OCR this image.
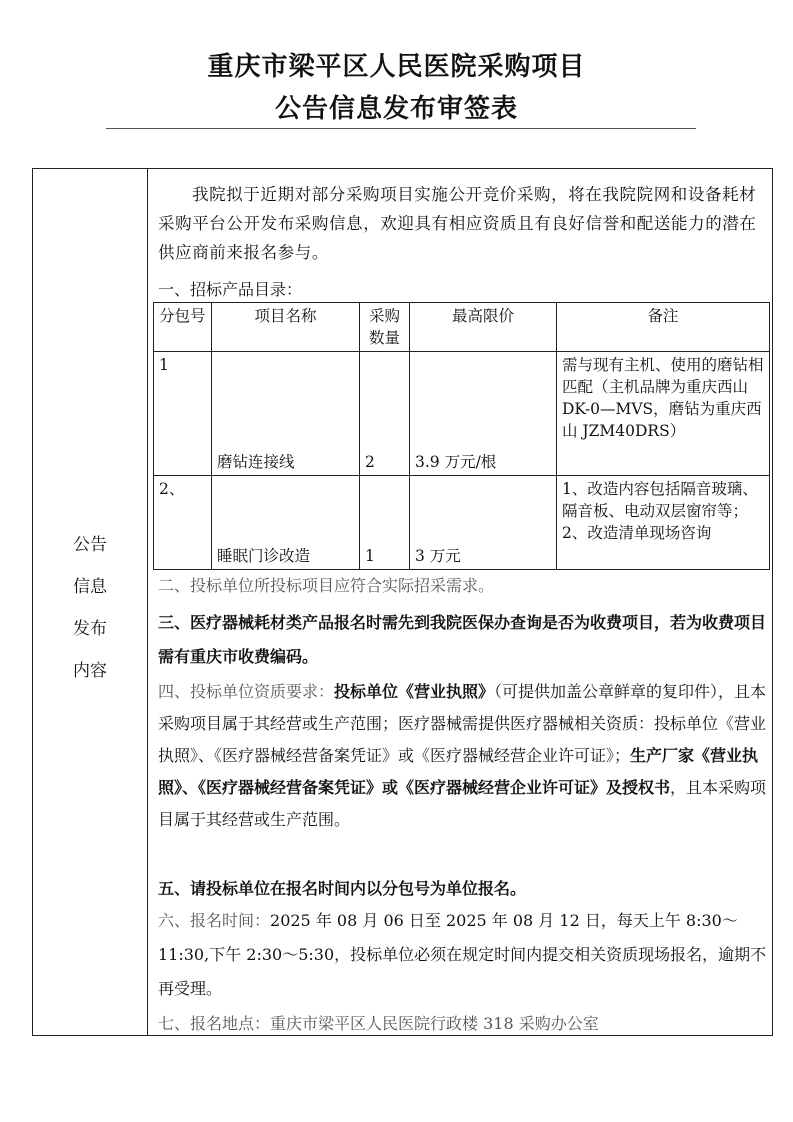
重庆市梁平区人民医院采购项目
公告信息发布审签表
公告
信息
发布
内容
我院拟于近期对部分采购项目实施公开竞价采购，将在我院院网和设备耗材采购平台公开发布采购信息，欢迎具有相应资质且有良好信誉和配送能力的潜在供应商前来报名参与。
一、招标产品目录：
分包号	项目名称	采购数量	最高限价	备注
1	磨钻连接线	2	3.9 万元/根	需与现有主机、使用的磨钻相匹配（主机品牌为重庆西山 DK-0—MVS，磨钻为重庆西山 JZM40DRS）
2、	睡眠门诊改造	1	3 万元	1、改造内容包括隔音玻璃、隔音板、电动双层窗帘等；2、改造清单现场咨询
二、投标单位所投标项目应符合实际招采需求。
三、医疗器械耗材类产品报名时需先到我院医保办查询是否为收费项目，若为收费项目需有重庆市收费编码。
四、投标单位资质要求：投标单位《营业执照》（可提供加盖公章鲜章的复印件），且本采购项目属于其经营或生产范围；医疗器械需提供医疗器械相关资质：投标单位《营业执照》、《医疗器械经营备案凭证》或《医疗器械经营企业许可证》；生产厂家《营业执照》、《医疗器械经营备案凭证》或《医疗器械经营企业许可证》及授权书，且本采购项目属于其经营或生产范围。
五、请投标单位在报名时间内以分包号为单位报名。
六、报名时间：2025 年 08 月 06 日至 2025 年 08 月 12 日，每天上午 8:30～11:30,下午 2:30～5:30，投标单位必须在规定时间内提交相关资质现场报名，逾期不再受理。
七、报名地点：重庆市梁平区人民医院行政楼 318 采购办公室
